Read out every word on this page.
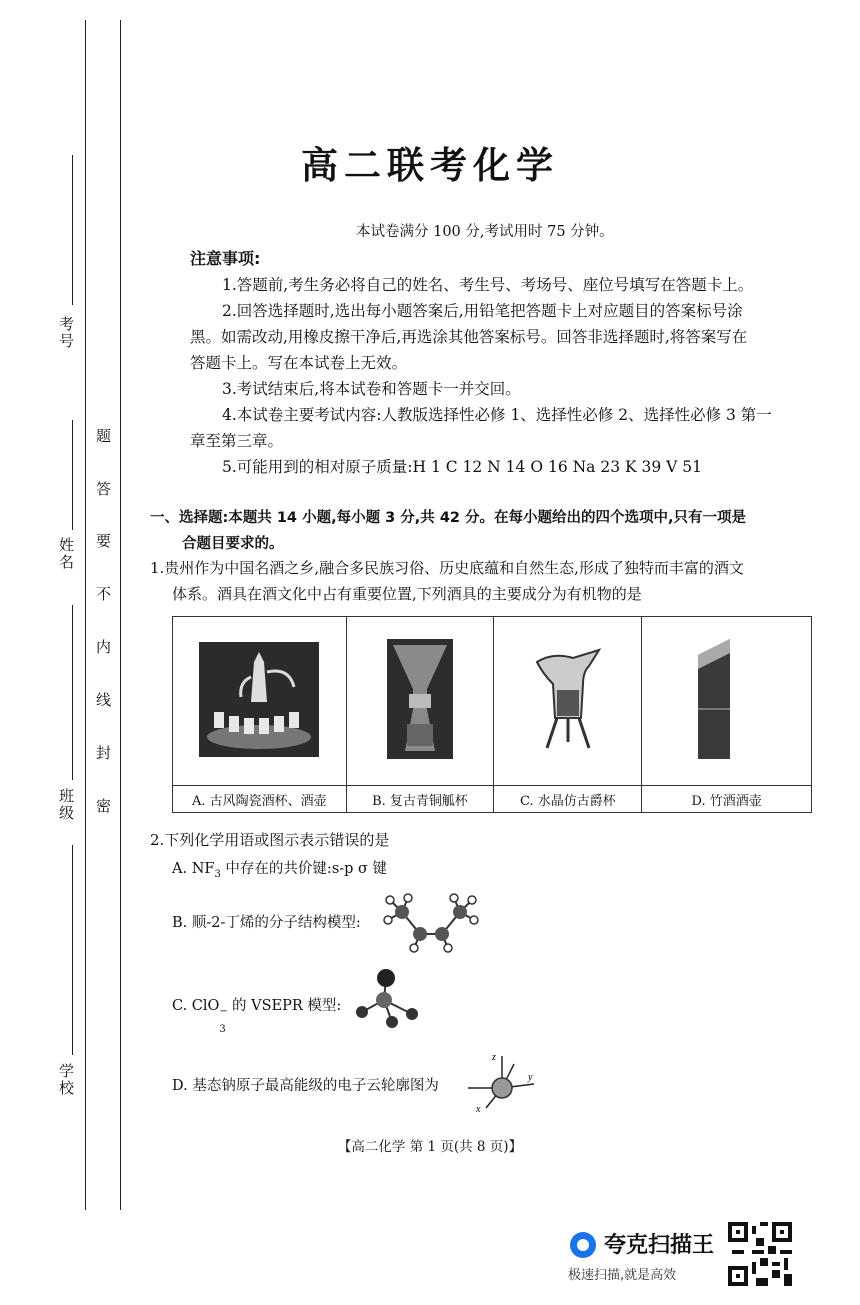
考号
姓名
班级
学校
题
答
要
不
内
线
封
密
高二联考化学
本试卷满分 100 分,考试用时 75 分钟。
注意事项:
1.答题前,考生务必将自己的姓名、考生号、考场号、座位号填写在答题卡上。
2.回答选择题时,选出每小题答案后,用铅笔把答题卡上对应题目的答案标号涂
黑。如需改动,用橡皮擦干净后,再选涂其他答案标号。回答非选择题时,将答案写在
答题卡上。写在本试卷上无效。
3.考试结束后,将本试卷和答题卡一并交回。
4.本试卷主要考试内容:人教版选择性必修 1、选择性必修 2、选择性必修 3 第一
章至第三章。
5.可能用到的相对原子质量:H 1 C 12 N 14 O 16 Na 23 K 39 V 51
一、选择题:本题共 14 小题,每小题 3 分,共 42 分。在每小题给出的四个选项中,只有一项是
合题目要求的。
1.贵州作为中国名酒之乡,融合多民族习俗、历史底蕴和自然生态,形成了独特而丰富的酒文
体系。酒具在酒文化中占有重要位置,下列酒具的主要成分为有机物的是

A. 古风陶瓷酒杯、酒壶	B. 复古青铜觚杯	C. 水晶仿古爵杯	D. 竹酒酒壶
2.下列化学用语或图示表示错误的是
A. $NF_3$ 中存在的共价键:s-p σ 键
B. 顺-2-丁烯的分子结构模型:
C. ClO −
3
的 VSEPR 模型:
D. 基态钠原子最高能级的电子云轮廓图为
z
y
x
【高二化学 第 1 页(共 8 页)】
夸克扫描王
极速扫描,就是高效
